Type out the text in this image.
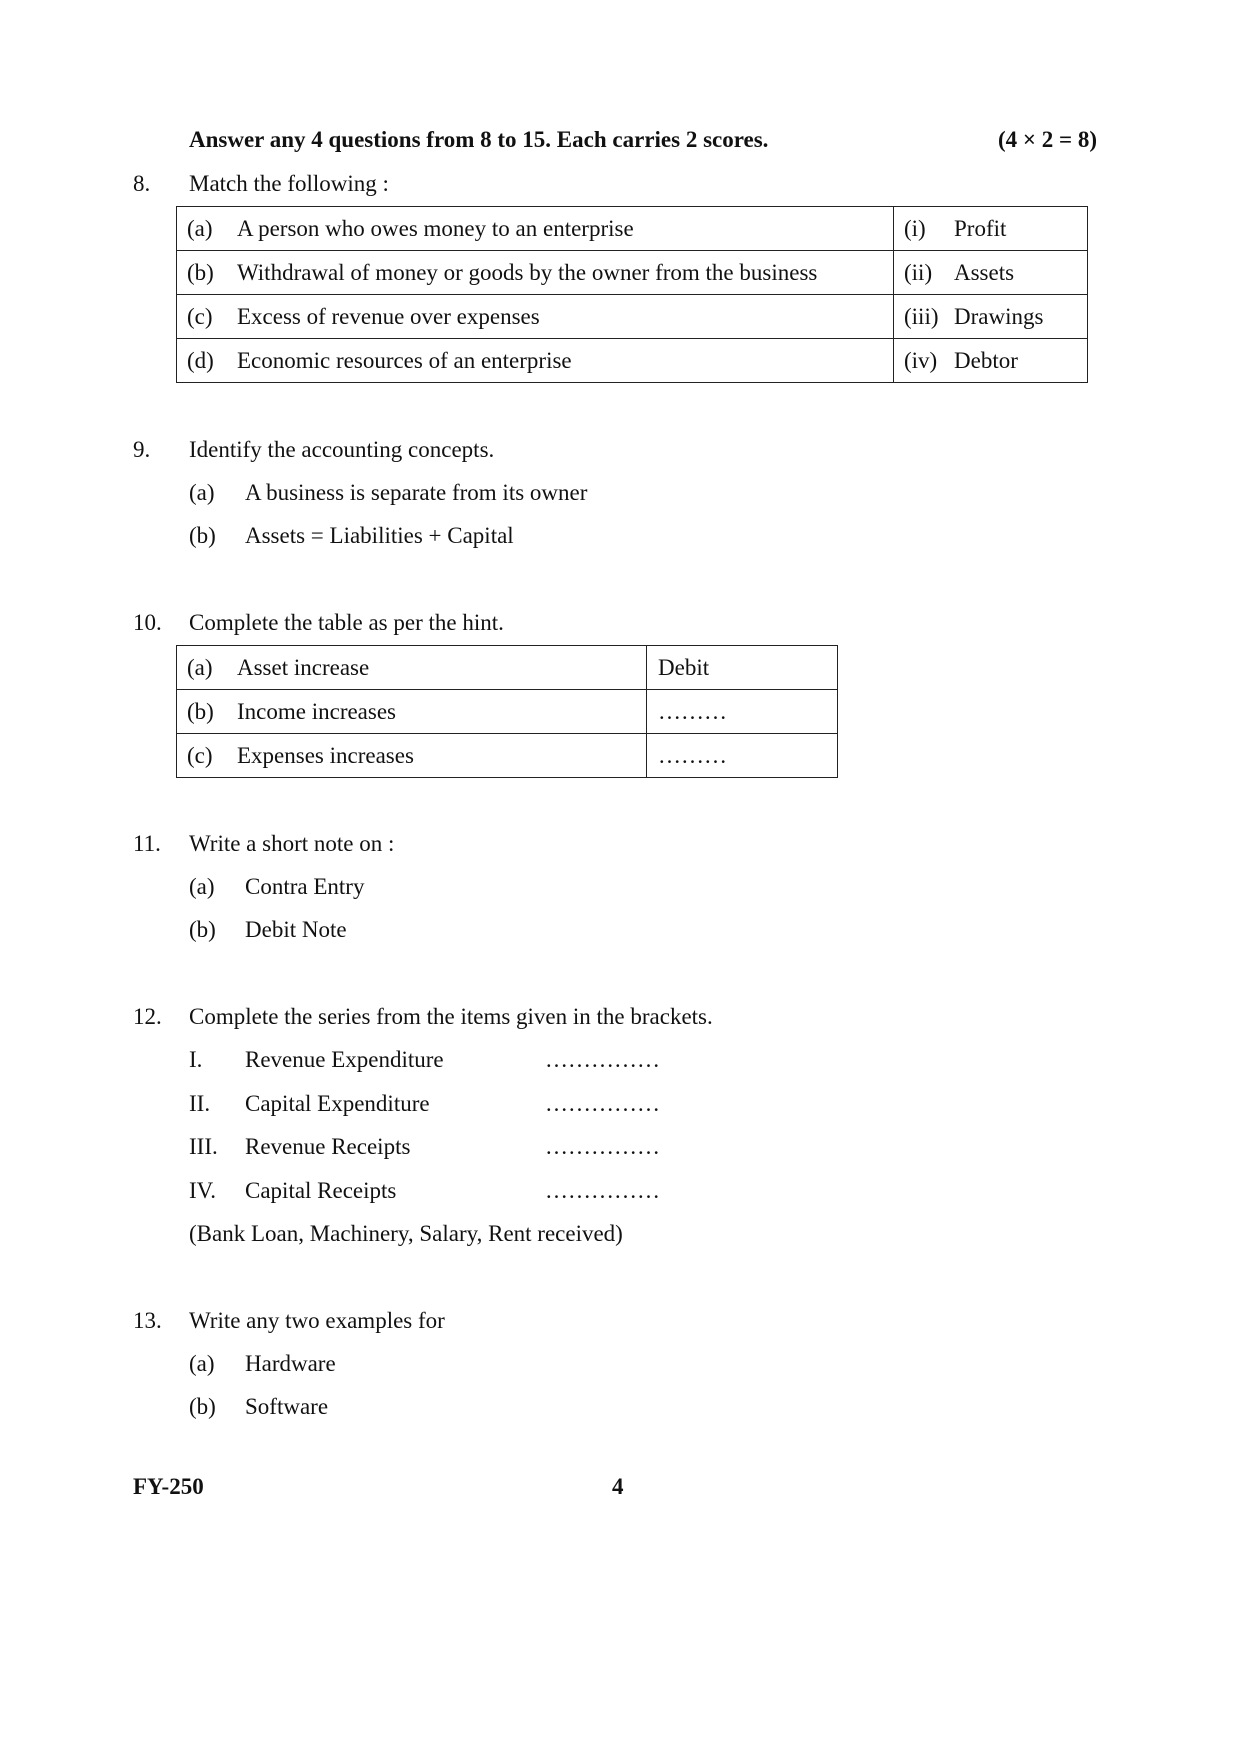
Answer any 4 questions from 8 to 15. Each carries 2 scores.	(4 × 2 = 8)
8. Match the following :
(a) A person who owes money to an enterprise	(i) Profit
(b) Withdrawal of money or goods by the owner from the business	(ii) Assets
(c) Excess of revenue over expenses	(iii) Drawings
(d) Economic resources of an enterprise	(iv) Debtor
9. Identify the accounting concepts.
(a) A business is separate from its owner
(b) Assets = Liabilities + Capital
10. Complete the table as per the hint.
(a) Asset increase	Debit
(b) Income increases	………
(c) Expenses increases	………
11. Write a short note on :
(a) Contra Entry
(b) Debit Note
12. Complete the series from the items given in the brackets.
I. Revenue Expenditure	……………
II. Capital Expenditure	……………
III. Revenue Receipts	……………
IV. Capital Receipts	……………
(Bank Loan, Machinery, Salary, Rent received)
13. Write any two examples for
(a) Hardware
(b) Software
FY-250	4
